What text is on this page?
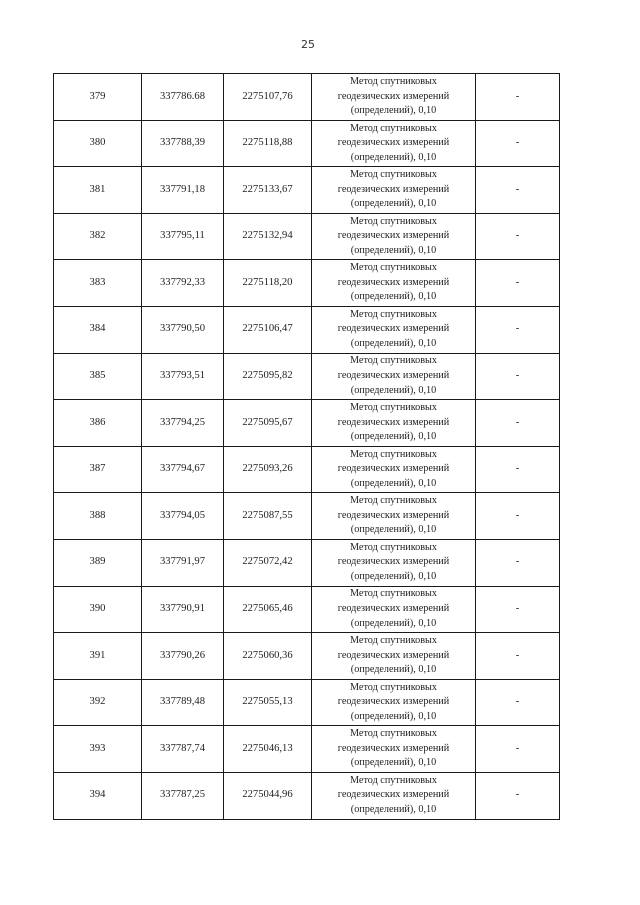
25
379	337786.68	2275107,76	Метод спутниковых
геодезических измерений
(определений), 0,10	-
380	337788,39	2275118,88	Метод спутниковых
геодезических измерений
(определений), 0,10	-
381	337791,18	2275133,67	Метод спутниковых
геодезических измерений
(определений), 0,10	-
382	337795,11	2275132,94	Метод спутниковых
геодезических измерений
(определений), 0,10	-
383	337792,33	2275118,20	Метод спутниковых
геодезических измерений
(определений), 0,10	-
384	337790,50	2275106,47	Метод спутниковых
геодезических измерений
(определений), 0,10	-
385	337793,51	2275095,82	Метод спутниковых
геодезических измерений
(определений), 0,10	-
386	337794,25	2275095,67	Метод спутниковых
геодезических измерений
(определений), 0,10	-
387	337794,67	2275093,26	Метод спутниковых
геодезических измерений
(определений), 0,10	-
388	337794,05	2275087,55	Метод спутниковых
геодезических измерений
(определений), 0,10	-
389	337791,97	2275072,42	Метод спутниковых
геодезических измерений
(определений), 0,10	-
390	337790,91	2275065,46	Метод спутниковых
геодезических измерений
(определений), 0,10	-
391	337790,26	2275060,36	Метод спутниковых
геодезических измерений
(определений), 0,10	-
392	337789,48	2275055,13	Метод спутниковых
геодезических измерений
(определений), 0,10	-
393	337787,74	2275046,13	Метод спутниковых
геодезических измерений
(определений), 0,10	-
394	337787,25	2275044,96	Метод спутниковых
геодезических измерений
(определений), 0,10	-
